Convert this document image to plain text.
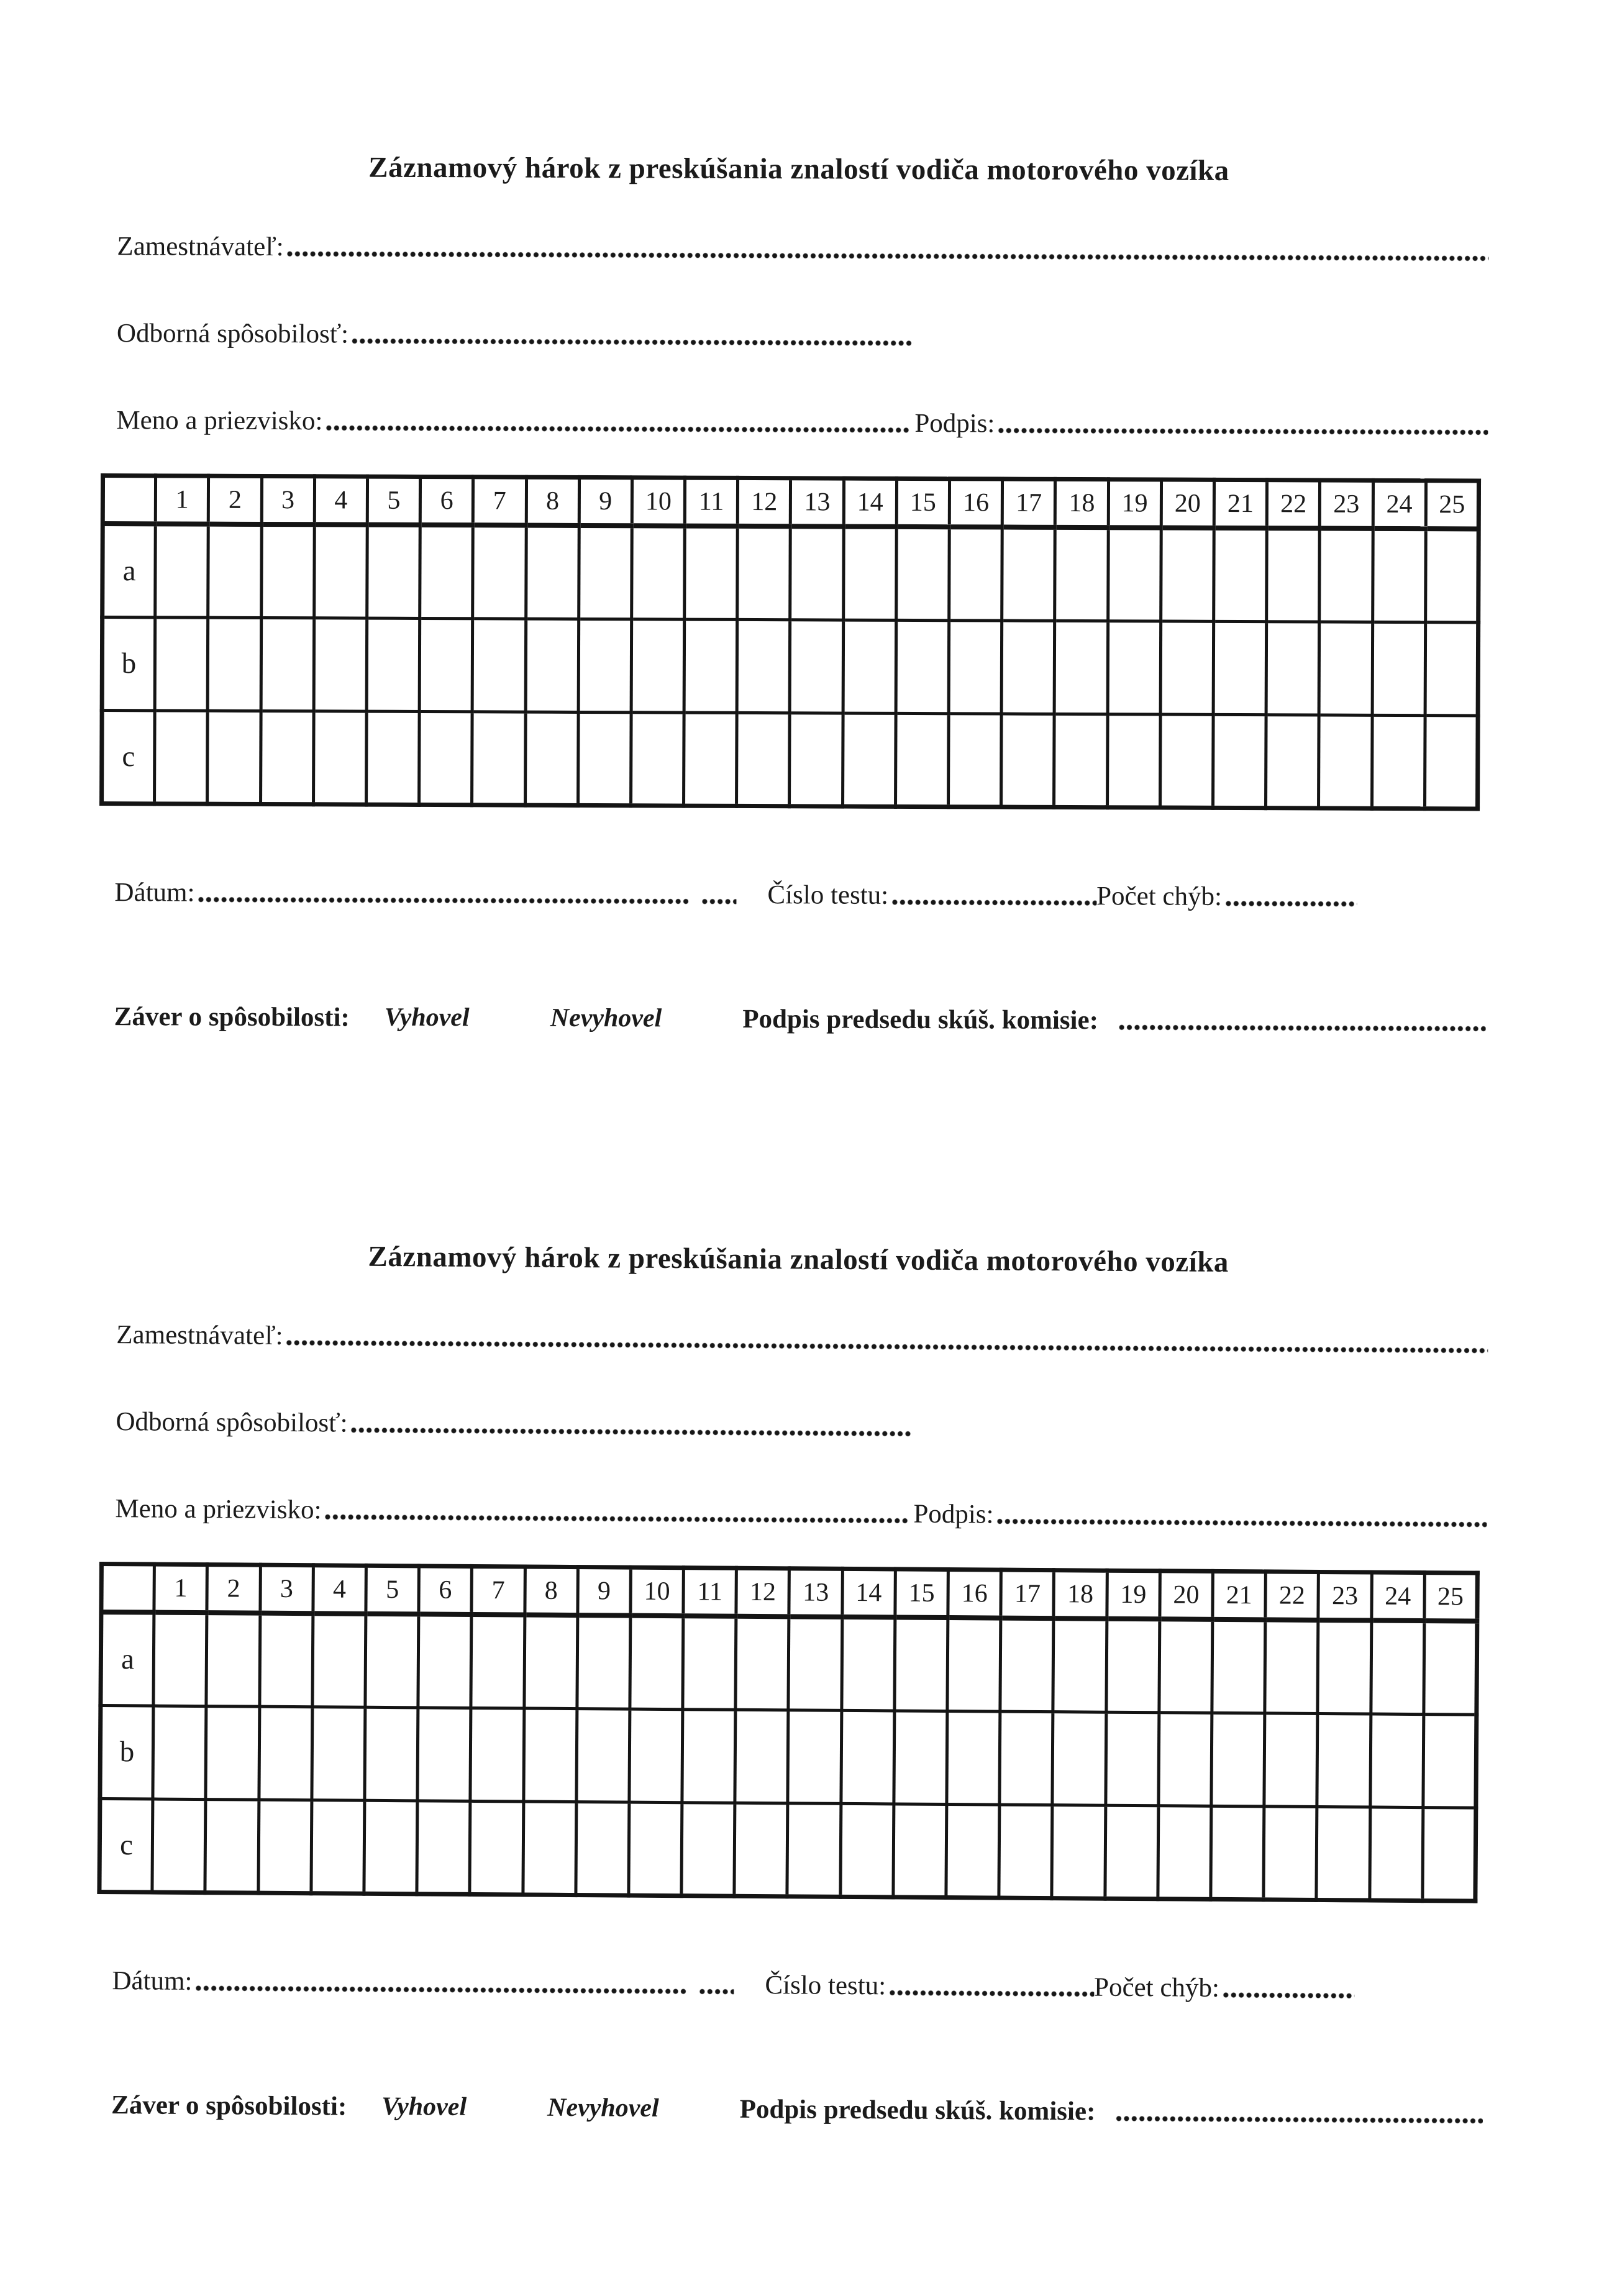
Záznamový hárok z preskúšania znalostí vodiča motorového vozíka
Zamestnávateľ:
Odborná spôsobilosť:
Meno a priezvisko:	Podpis:
	1	2	3	4	5	6	7	8	9	10	11	12	13	14	15	16	17	18	19	20	21	22	23	24	25
a																									
b																									
c																									
Dátum:	Číslo testu:	Počet chýb:
Záver o spôsobilosti: Vyhovel	Nevyhovel	Podpis predsedu skúš. komisie:
Záznamový hárok z preskúšania znalostí vodiča motorového vozíka
Zamestnávateľ:
Odborná spôsobilosť:
Meno a priezvisko:	Podpis:
	1	2	3	4	5	6	7	8	9	10	11	12	13	14	15	16	17	18	19	20	21	22	23	24	25
a																									
b																									
c																									
Dátum:	Číslo testu:	Počet chýb:
Záver o spôsobilosti: Vyhovel	Nevyhovel	Podpis predsedu skúš. komisie:
